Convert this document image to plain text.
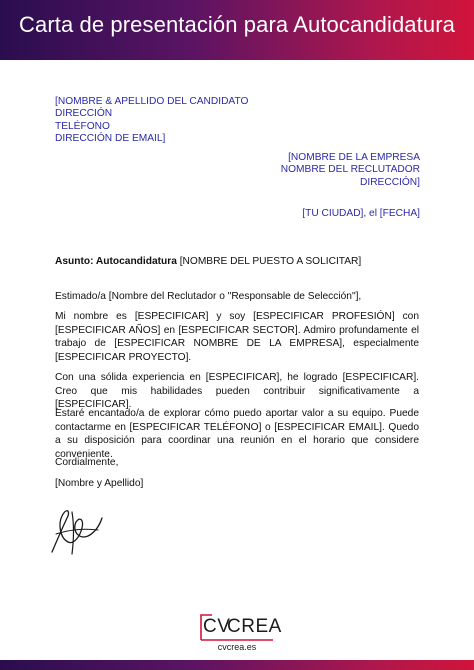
Carta de presentación para Autocandidatura
[NOMBRE & APELLIDO DEL CANDIDATO
DIRECCIÓN
TELÉFONO
DIRECCIÓN DE EMAIL]
[NOMBRE DE LA EMPRESA
NOMBRE DEL RECLUTADOR
DIRECCIÓN]
[TU CIUDAD], el [FECHA]
Asunto: Autocandidatura [NOMBRE DEL PUESTO A SOLICITAR]
Estimado/a [Nombre del Reclutador o "Responsable de Selección"],
Mi nombre es [ESPECIFICAR] y soy [ESPECIFICAR PROFESIÓN] con [ESPECIFICAR AÑOS] en [ESPECIFICAR SECTOR]. Admiro profundamente el trabajo de [ESPECIFICAR NOMBRE DE LA EMPRESA], especialmente [ESPECIFICAR PROYECTO].
Con una sólida experiencia en [ESPECIFICAR], he logrado [ESPECIFICAR]. Creo que mis habilidades pueden contribuir significativamente a [ESPECIFICAR].
Estaré encantado/a de explorar cómo puedo aportar valor a su equipo. Puede contactarme en [ESPECIFICAR TELÉFONO] o [ESPECIFICAR EMAIL]. Quedo a su disposición para coordinar una reunión en el horario que considere conveniente.
Cordialmente,
[Nombre y Apellido]
CV
CREA
cvcrea.es
